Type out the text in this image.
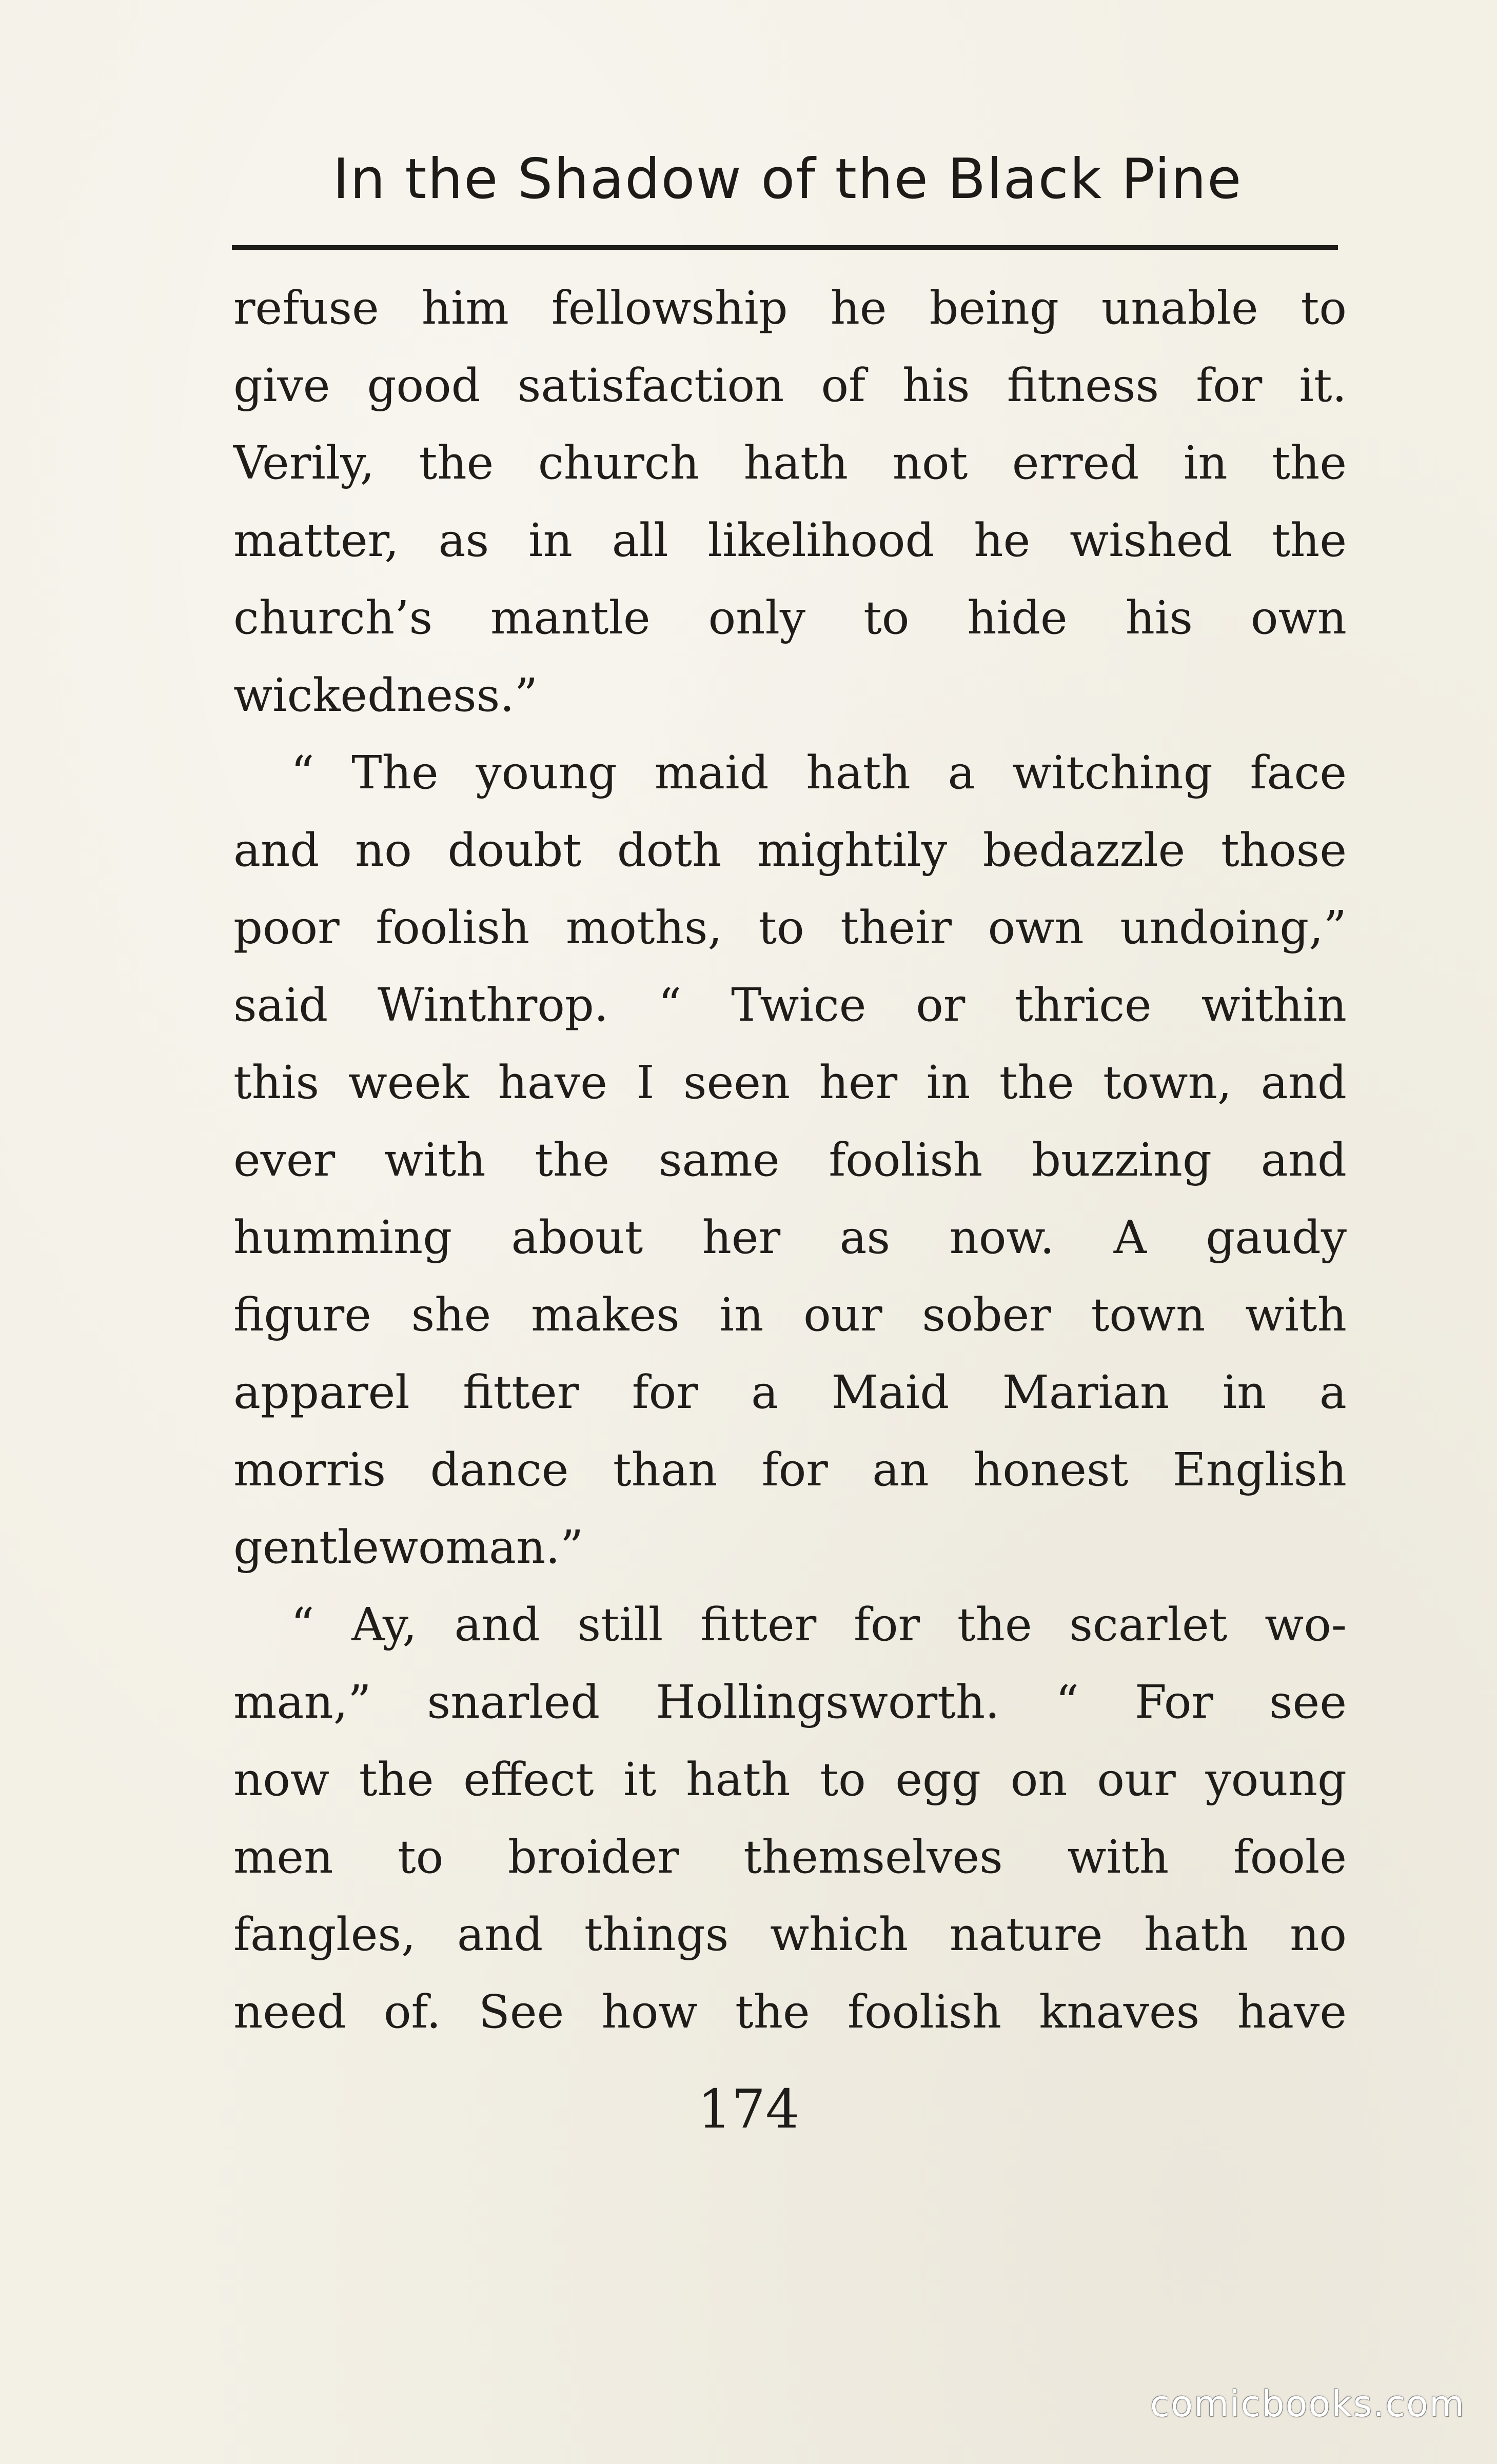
In the Shadow of the Black Pine
refuse him fellowship he being unable to
give good satisfaction of his fitness for it.
Verily, the church hath not erred in the
matter, as in all likelihood he wished the
church’s mantle only to hide his own
wickedness.”
“ The young maid hath a witching face
and no doubt doth mightily bedazzle those
poor foolish moths, to their own undoing,”
said Winthrop. “ Twice or thrice within
this week have I seen her in the town, and
ever with the same foolish buzzing and
humming about her as now. A gaudy
figure she makes in our sober town with
apparel fitter for a Maid Marian in a
morris dance than for an honest English
gentlewoman.”
“ Ay, and still fitter for the scarlet wo-
man,” snarled Hollingsworth. “ For see
now the effect it hath to egg on our young
men to broider themselves with foole
fangles, and things which nature hath no
need of. See how the foolish knaves have
174
comicbooks.com
